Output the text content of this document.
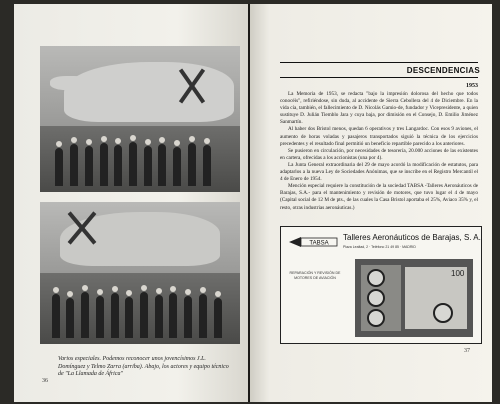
Varios especiales. Podemos reconocer unos jovencísimos J.L. Domínguez y Telmo Zarra (arriba). Abajo, los actores y equipo técnico de "La Llamada de África"
36
DESCENDENCIAS
1953

La Memoria de 1953, se redacta "bajo la impresión dolorosa del hecho que todos conocéis", refiriéndose, sin duda, al accidente de Sierra Cebollera del 4 de Diciembre. En la vida cía, también, el fallecimiento de D. Nicolás Gamio-de, fundador y Vicepresidente, a quien sustituye D. Julián Tiemblo Jara y cuya baja, por dimisión en el Consejo, D. Emilio Jiménez Sanmartín.

Al haber dos Bristol menos, quedan 6 operativos y tres Langardoc. Con esos 9 aviones, el aumento de horas voladas y pasajeros transportados siguió la técnica de los ejercicios precedentes y el resultado final permitió un beneficio repartible parecido a los anteriores.

Se pusieron en circulación, por necesidades de tesorería, 20.000 acciones de las existentes en cartera, ofrecidas a los accionistas (una por 4).

La Junta General extraordinaria del 29 de mayo acordó la modificación de estatutos, para adaptarlos a la nueva Ley de Sociedades Anónimas, que se inscribe en el Registro Mercantil el 4 de Enero de 1954.

Mención especial requiere la constitución de la sociedad TABSA -Talleres Aeronáuticos de Barajas, S.A.- para el mantenimiento y revisión de motores, que tuvo lugar el 4 de mayo (Capital social de 12 M de pts., de las cuales la Casa Bristol aportaba el 25%, Aviaco 35% y, el resto, otras industrias aeronáuticas.)

TABSA
Talleres Aeronáuticos de Barajas, S. A.
Plaza Lealtad, 2 · Teléfono 21 49 85 · MADRID
REPARACIÓN Y REVISIÓN DE MOTORES DE AVIACIÓN	100
37
